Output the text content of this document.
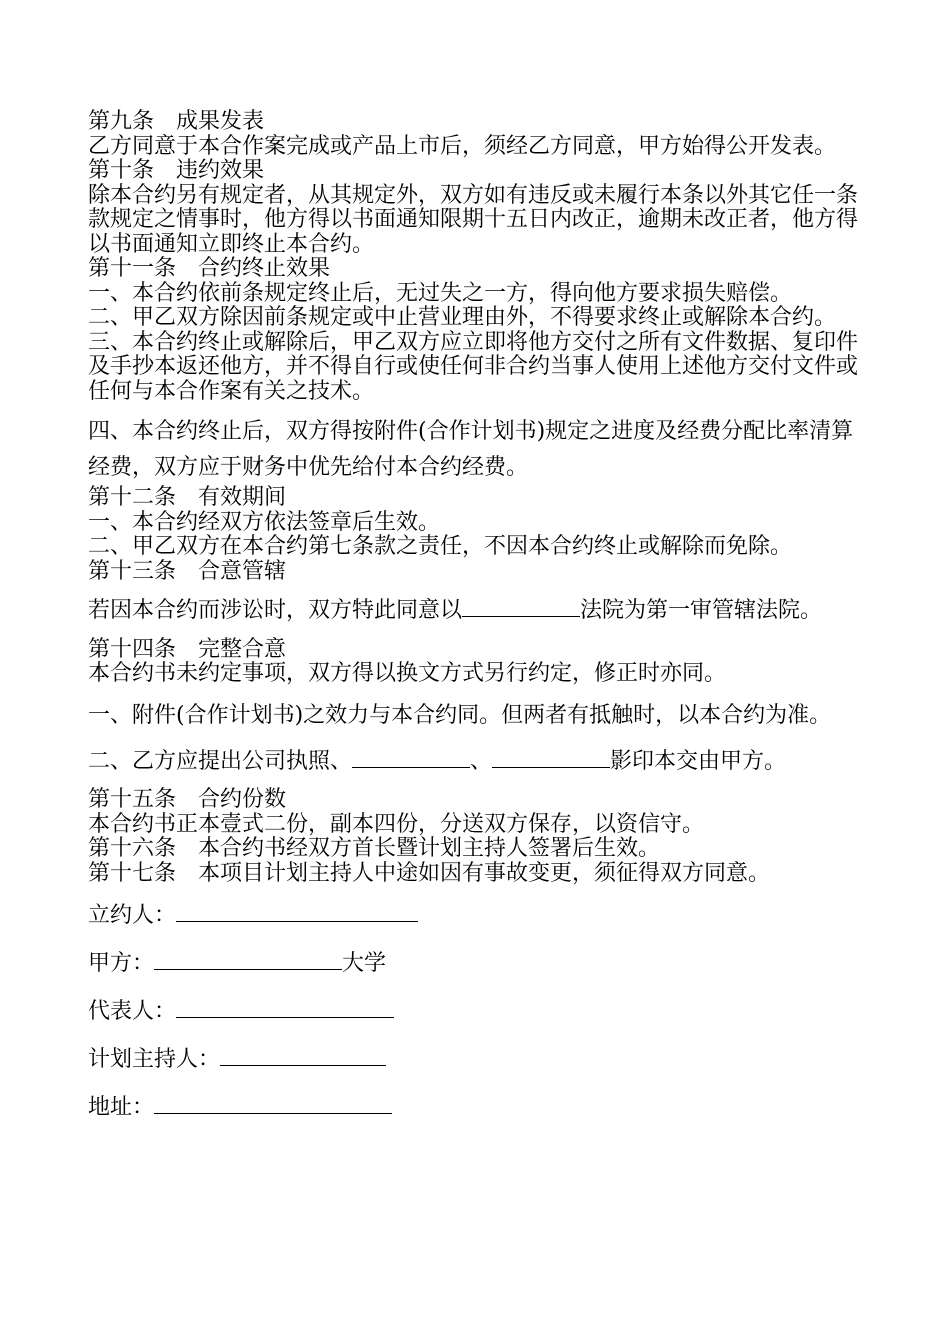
第九条　成果发表

乙方同意于本合作案完成或产品上市后，须经乙方同意，甲方始得公开发表。

第十条　违约效果

除本合约另有规定者，从其规定外，双方如有违反或未履行本条以外其它任一条款规定之情事时，他方得以书面通知限期十五日内改正，逾期未改正者，他方得以书面通知立即终止本合约。

第十一条　合约终止效果

一、本合约依前条规定终止后，无过失之一方，得向他方要求损失赔偿。

二、甲乙双方除因前条规定或中止营业理由外，不得要求终止或解除本合约。

三、本合约终止或解除后，甲乙双方应立即将他方交付之所有文件数据、复印件及手抄本返还他方，并不得自行或使任何非合约当事人使用上述他方交付文件或任何与本合作案有关之技术。

四、本合约终止后，双方得按附件(合作计划书)规定之进度及经费分配比率清算经费，双方应于财务中优先给付本合约经费。

第十二条　有效期间

一、本合约经双方依法签章后生效。

二、甲乙双方在本合约第七条款之责任，不因本合约终止或解除而免除。

第十三条　合意管辖

若因本合约而涉讼时，双方特此同意以	法院为第一审管辖法院。

第十四条　完整合意

本合约书未约定事项，双方得以换文方式另行约定，修正时亦同。

一、附件(合作计划书)之效力与本合约同。但两者有抵触时，以本合约为准。

二、乙方应提出公司执照、	、	影印本交由甲方。

第十五条　合约份数

本合约书正本壹式二份，副本四份，分送双方保存，以资信守。

第十六条　本合约书经双方首长暨计划主持人签署后生效。

第十七条　本项目计划主持人中途如因有事故变更，须征得双方同意。

立约人：

甲方：	大学

代表人：

计划主持人：

地址：
